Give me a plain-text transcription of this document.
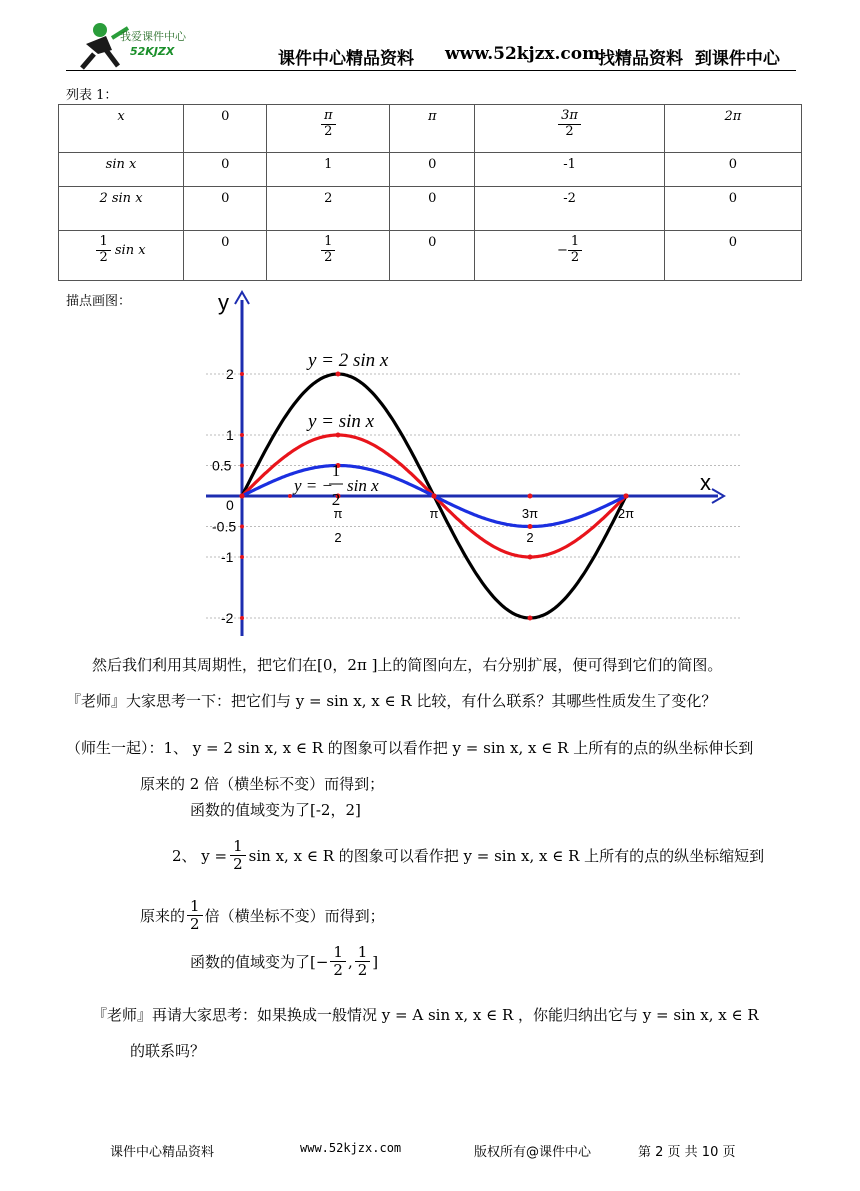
我爱课件中心
52KJZX	课件中心精品资料 www.52kjzx.com
找精品资料  到课件中心
列表 1：
x	0	$\frac{\pi}{2}$	π	$\frac{3\pi}{2}$	2π
sin x	0	1	0	-1	0
2 sin x	0	2	0	-2	0

$\frac{1}{2}$ sin x	0	$\frac{1}{2}$	0	− $\frac{1}{2}$	0
描点画图：
x
y
2
1
0.5
0
-0.5
-1
-2
π
2
π	3π
2
2π
y = 2 sin x
y = sin x
y = −
1
2
sin x
然后我们利用其周期性，把它们在[0，2π ]上的简图向左，右分别扩展，便可得到它们的简图。
『老师』大家思考一下：把它们与 y = sin x, x ∈ R 比较，有什么联系？其哪些性质发生了变化？
（师生一起）：1、 y = 2 sin x, x ∈ R 的图象可以看作把 y = sin x, x ∈ R 上所有的点的纵坐标伸长到
原来的 2 倍（横坐标不变）而得到；
函数的值域变为了[-2，2]
2、 $y = \frac{1}{2}$ sin x, x ∈ R 的图象可以看作把 y = sin x, x ∈ R 上所有的点的纵坐标缩短到
原来的 $\frac{1}{2}$ 倍（横坐标不变）而得到；
函数的值域变为了[− $\frac{1}{2}$ , $\frac{1}{2}$ ]
『老师』再请大家思考：如果换成一般情况 y = A sin x, x ∈ R ，你能归纳出它与 y = sin x, x ∈ R
的联系吗？
课件中心精品资料	www.52kjzx.com	版权所有@课件中心	第 2 页 共 10 页
